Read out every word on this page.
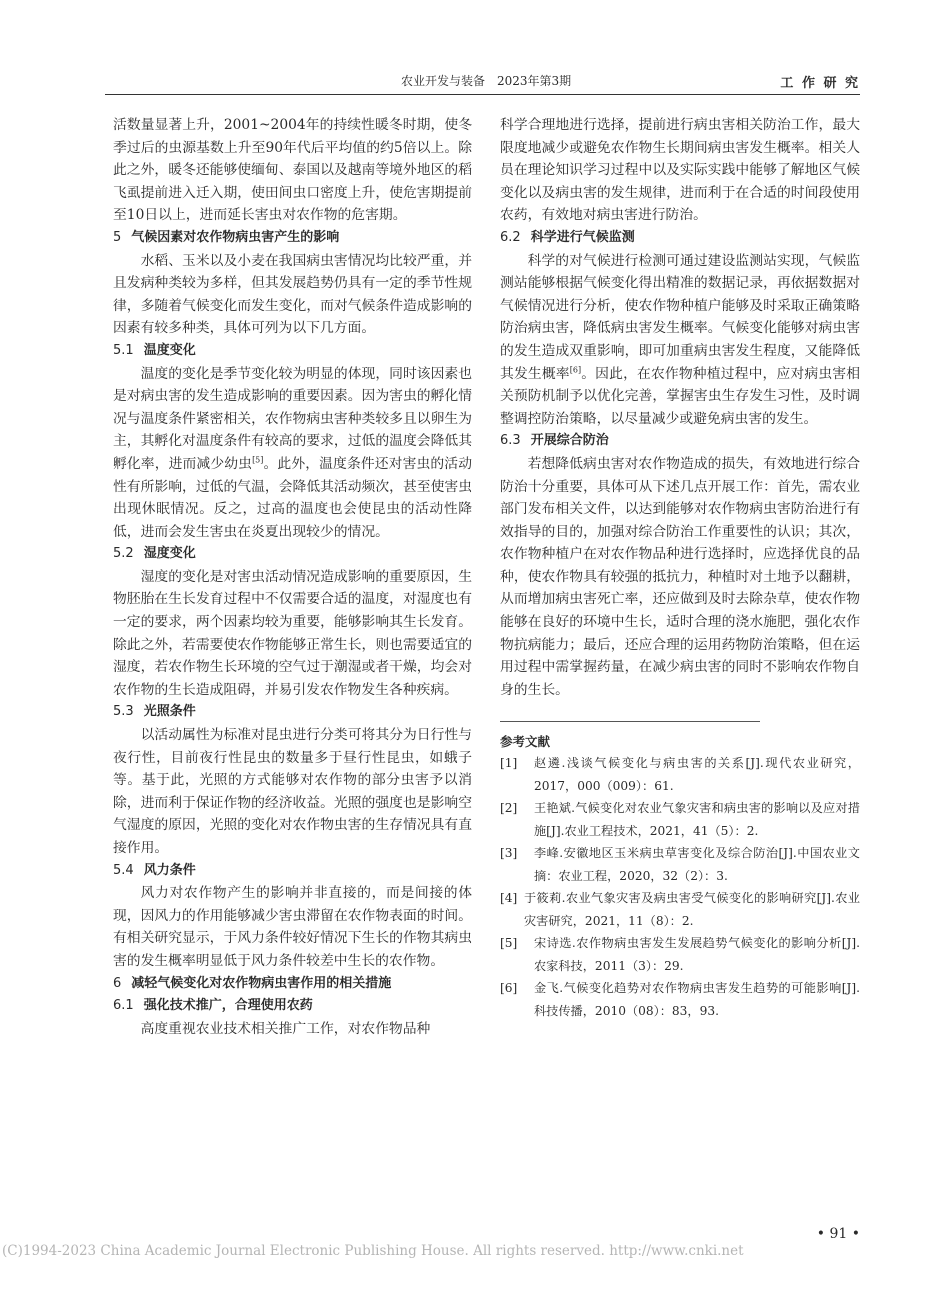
农业开发与装备　2023年第3期	工 作 研 究

活数量显著上升，2001~2004年的持续性暖冬时期，使冬季过后的虫源基数上升至90年代后平均值的约5倍以上。除此之外，暖冬还能够使缅甸、泰国以及越南等境外地区的稻飞虱提前进入迁入期，使田间虫口密度上升，使危害期提前至10日以上，进而延长害虫对农作物的危害期。

5 气候因素对农作物病虫害产生的影响

水稻、玉米以及小麦在我国病虫害情况均比较严重，并且发病种类较为多样，但其发展趋势仍具有一定的季节性规律，多随着气候变化而发生变化，而对气候条件造成影响的因素有较多种类，具体可列为以下几方面。

5.1 温度变化

温度的变化是季节变化较为明显的体现，同时该因素也是对病虫害的发生造成影响的重要因素。因为害虫的孵化情况与温度条件紧密相关，农作物病虫害种类较多且以卵生为主，其孵化对温度条件有较高的要求，过低的温度会降低其孵化率，进而减少幼虫[5]。此外，温度条件还对害虫的活动性有所影响，过低的气温，会降低其活动频次，甚至使害虫出现休眠情况。反之，过高的温度也会使昆虫的活动性降低，进而会发生害虫在炎夏出现较少的情况。

5.2 湿度变化

湿度的变化是对害虫活动情况造成影响的重要原因，生物胚胎在生长发育过程中不仅需要合适的温度，对湿度也有一定的要求，两个因素均较为重要，能够影响其生长发育。除此之外，若需要使农作物能够正常生长，则也需要适宜的湿度，若农作物生长环境的空气过于潮湿或者干燥，均会对农作物的生长造成阻碍，并易引发农作物发生各种疾病。

5.3 光照条件

以活动属性为标准对昆虫进行分类可将其分为日行性与夜行性，目前夜行性昆虫的数量多于昼行性昆虫，如蛾子等。基于此，光照的方式能够对农作物的部分虫害予以消除，进而利于保证作物的经济收益。光照的强度也是影响空气湿度的原因，光照的变化对农作物虫害的生存情况具有直接作用。

5.4 风力条件

风力对农作物产生的影响并非直接的，而是间接的体现，因风力的作用能够减少害虫滞留在农作物表面的时间。有相关研究显示，于风力条件较好情况下生长的作物其病虫害的发生概率明显低于风力条件较差中生长的农作物。

6 减轻气候变化对农作物病虫害作用的相关措施
6.1 强化技术推广，合理使用农药

高度重视农业技术相关推广工作，对农作物品种

科学合理地进行选择，提前进行病虫害相关防治工作，最大限度地减少或避免农作物生长期间病虫害发生概率。相关人员在理论知识学习过程中以及实际实践中能够了解地区气候变化以及病虫害的发生规律，进而利于在合适的时间段使用农药，有效地对病虫害进行防治。

6.2 科学进行气候监测

科学的对气候进行检测可通过建设监测站实现，气候监测站能够根据气候变化得出精准的数据记录，再依据数据对气候情况进行分析，使农作物种植户能够及时采取正确策略防治病虫害，降低病虫害发生概率。气候变化能够对病虫害的发生造成双重影响，即可加重病虫害发生程度，又能降低其发生概率[6]。因此，在农作物种植过程中，应对病虫害相关预防机制予以优化完善，掌握害虫生存发生习性，及时调整调控防治策略，以尽量减少或避免病虫害的发生。

6.3 开展综合防治

若想降低病虫害对农作物造成的损失，有效地进行综合防治十分重要，具体可从下述几点开展工作：首先，需农业部门发布相关文件，以达到能够对农作物病虫害防治进行有效指导的目的，加强对综合防治工作重要性的认识；其次，农作物种植户在对农作物品种进行选择时，应选择优良的品种，使农作物具有较强的抵抗力，种植时对土地予以翻耕，从而增加病虫害死亡率，还应做到及时去除杂草，使农作物能够在良好的环境中生长，适时合理的浇水施肥，强化农作物抗病能力；最后，还应合理的运用药物防治策略，但在运用过程中需掌握药量，在减少病虫害的同时不影响农作物自身的生长。

参考文献
[1] 赵遴.浅谈气候变化与病虫害的关系[J].现代农业研究，2017，000（009）：61.
[2] 王艳斌.气候变化对农业气象灾害和病虫害的影响以及应对措施[J].农业工程技术，2021，41（5）：2.
[3] 李峰.安徽地区玉米病虫草害变化及综合防治[J].中国农业文摘：农业工程，2020，32（2）：3.
[4] 于筱莉.农业气象灾害及病虫害受气候变化的影响研究[J].农业灾害研究，2021，11（8）：2.
[5] 宋诗选.农作物病虫害发生发展趋势气候变化的影响分析[J].农家科技，2011（3）：29.
[6] 金飞.气候变化趋势对农作物病虫害发生趋势的可能影响[J].科技传播，2010（08）：83，93.
• 91 •
(C)1994-2023 China Academic Journal Electronic Publishing House. All rights reserved. http://www.cnki.net
